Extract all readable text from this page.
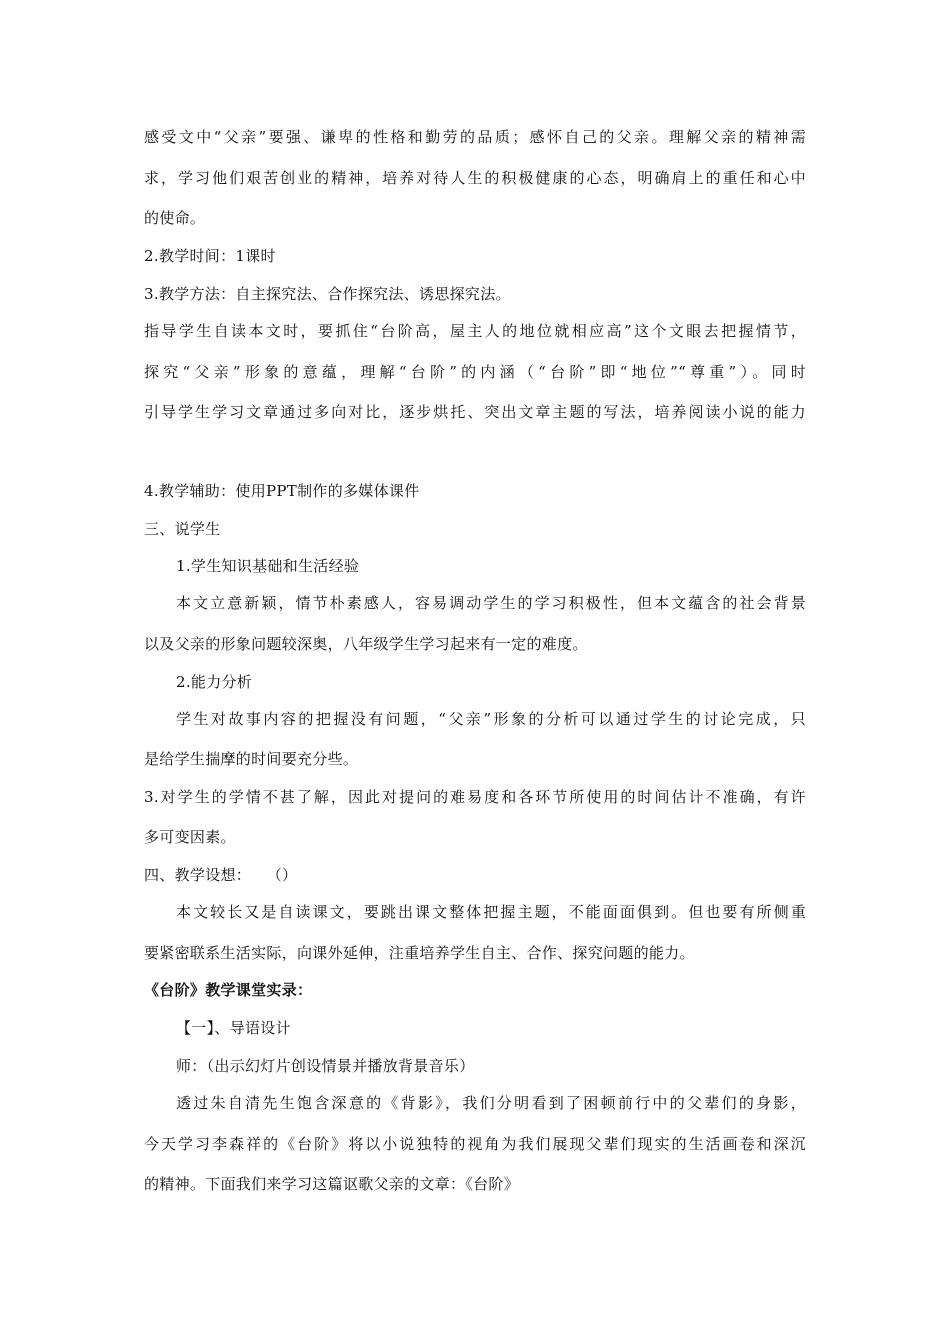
感受文中“父亲”要强、谦卑的性格和勤劳的品质；感怀自己的父亲。理解父亲的精神需
求，学习他们艰苦创业的精神，培养对待人生的积极健康的心态，明确肩上的重任和心中
的使命。
2.教学时间：1课时
3.教学方法：自主探究法、合作探究法、诱思探究法。
指导学生自读本文时，要抓住“台阶高，屋主人的地位就相应高”这个文眼去把握情节，
探究“父亲”形象的意蕴，理解“台阶”的内涵（“台阶”即“地位”“尊重”）。同时
引导学生学习文章通过多向对比，逐步烘托、突出文章主题的写法，培养阅读小说的能力
4.教学辅助：使用PPT制作的多媒体课件
三、说学生
1.学生知识基础和生活经验
本文立意新颖，情节朴素感人，容易调动学生的学习积极性，但本文蕴含的社会背景
以及父亲的形象问题较深奥，八年级学生学习起来有一定的难度。
2.能力分析
学生对故事内容的把握没有问题，“父亲”形象的分析可以通过学生的讨论完成，只
是给学生揣摩的时间要充分些。
3.对学生的学情不甚了解，因此对提问的难易度和各环节所使用的时间估计不准确，有许
多可变因素。
四、教学设想：　　（）
本文较长又是自读课文，要跳出课文整体把握主题，不能面面俱到。但也要有所侧重
要紧密联系生活实际，向课外延伸，注重培养学生自主、合作、探究问题的能力。
《台阶》教学课堂实录：
【一】、导语设计
师：（出示幻灯片创设情景并播放背景音乐）
透过朱自清先生饱含深意的《背影》，我们分明看到了困顿前行中的父辈们的身影，
今天学习李森祥的《台阶》将以小说独特的视角为我们展现父辈们现实的生活画卷和深沉
的精神。下面我们来学习这篇讴歌父亲的文章：《台阶》
